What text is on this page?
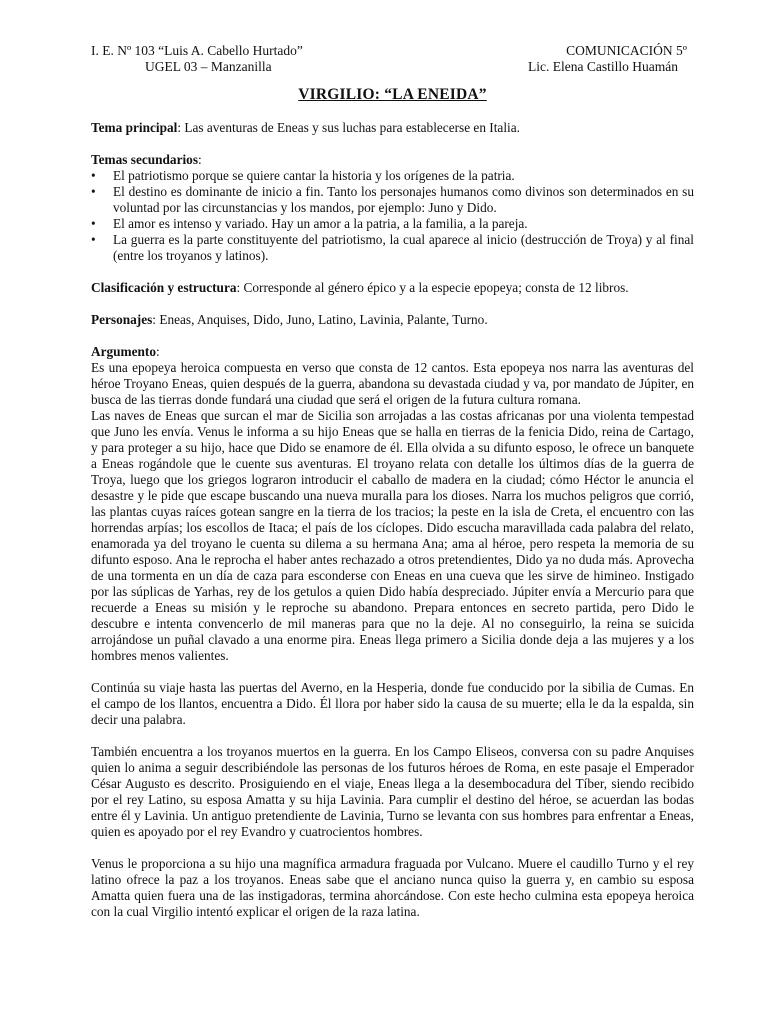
I. E. Nº 103 “Luis A. Cabello Hurtado”
UGEL 03 – Manzanilla
COMUNICACIÓN 5º
Lic. Elena Castillo Huamán
VIRGILIO: “LA ENEIDA”

Tema principal: Las aventuras de Eneas y sus luchas para establecerse en Italia.

Temas secundarios:

•	El patriotismo porque se quiere cantar la historia y los orígenes de la patria.
•	El destino es dominante de inicio a fin. Tanto los personajes humanos como divinos son determinados en su voluntad por las circunstancias y los mandos, por ejemplo: Juno y Dido.
•	El amor es intenso y variado. Hay un amor a la patria, a la familia, a la pareja.
•	La guerra es la parte constituyente del patriotismo, la cual aparece al inicio (destrucción de Troya) y al final (entre los troyanos y latinos).

Clasificación y estructura: Corresponde al género épico y a la especie epopeya; consta de 12 libros.

Personajes: Eneas, Anquises, Dido, Juno, Latino, Lavinia, Palante, Turno.

Argumento:

Es una epopeya heroica compuesta en verso que consta de 12 cantos. Esta epopeya nos narra las aventuras del héroe Troyano Eneas, quien después de la guerra, abandona su devastada ciudad y va, por mandato de Júpiter, en busca de las tierras donde fundará una ciudad que será el origen de la futura cultura romana.

Las naves de Eneas que surcan el mar de Sicilia son arrojadas a las costas africanas por una violenta tempestad que Juno les envía. Venus le informa a su hijo Eneas que se halla en tierras de la fenicia Dido, reina de Cartago, y para proteger a su hijo, hace que Dido se enamore de él. Ella olvida a su difunto esposo, le ofrece un banquete a Eneas rogándole que le cuente sus aventuras. El troyano relata con detalle los últimos días de la guerra de Troya, luego que los griegos lograron introducir el caballo de madera en la ciudad; cómo Héctor le anuncia el desastre y le pide que escape buscando una nueva muralla para los dioses. Narra los muchos peligros que corrió, las plantas cuyas raíces gotean sangre en la tierra de los tracios; la peste en la isla de Creta, el encuentro con las horrendas arpías; los escollos de Itaca; el país de los cíclopes. Dido escucha maravillada cada palabra del relato, enamorada ya del troyano le cuenta su dilema a su hermana Ana; ama al héroe, pero respeta la memoria de su difunto esposo. Ana le reprocha el haber antes rechazado a otros pretendientes, Dido ya no duda más. Aprovecha de una tormenta en un día de caza para esconderse con Eneas en una cueva que les sirve de himineo. Instigado por las súplicas de Yarhas, rey de los getulos a quien Dido había despreciado. Júpiter envía a Mercurio para que recuerde a Eneas su misión y le reproche su abandono. Prepara entonces en secreto partida, pero Dido le descubre e intenta convencerlo de mil maneras para que no la deje. Al no conseguirlo, la reina se suicida arrojándose un puñal clavado a una enorme pira. Eneas llega primero a Sicilia donde deja a las mujeres y a los hombres menos valientes.

Continúa su viaje hasta las puertas del Averno, en la Hesperia, donde fue conducido por la sibilia de Cumas. En el campo de los llantos, encuentra a Dido. Él llora por haber sido la causa de su muerte; ella le da la espalda, sin decir una palabra.

También encuentra a los troyanos muertos en la guerra. En los Campo Eliseos, conversa con su padre Anquises quien lo anima a seguir describiéndole las personas de los futuros héroes de Roma, en este pasaje el Emperador César Augusto es descrito. Prosiguiendo en el viaje, Eneas llega a la desembocadura del Tíber, siendo recibido por el rey Latino, su esposa Amatta y su hija Lavinia. Para cumplir el destino del héroe, se acuerdan las bodas entre él y Lavinia. Un antiguo pretendiente de Lavinia, Turno se levanta con sus hombres para enfrentar a Eneas, quien es apoyado por el rey Evandro y cuatrocientos hombres.

Venus le proporciona a su hijo una magnífica armadura fraguada por Vulcano. Muere el caudillo Turno y el rey latino ofrece la paz a los troyanos. Eneas sabe que el anciano nunca quiso la guerra y, en cambio su esposa Amatta quien fuera una de las instigadoras, termina ahorcándose. Con este hecho culmina esta epopeya heroica con la cual Virgilio intentó explicar el origen de la raza latina.
